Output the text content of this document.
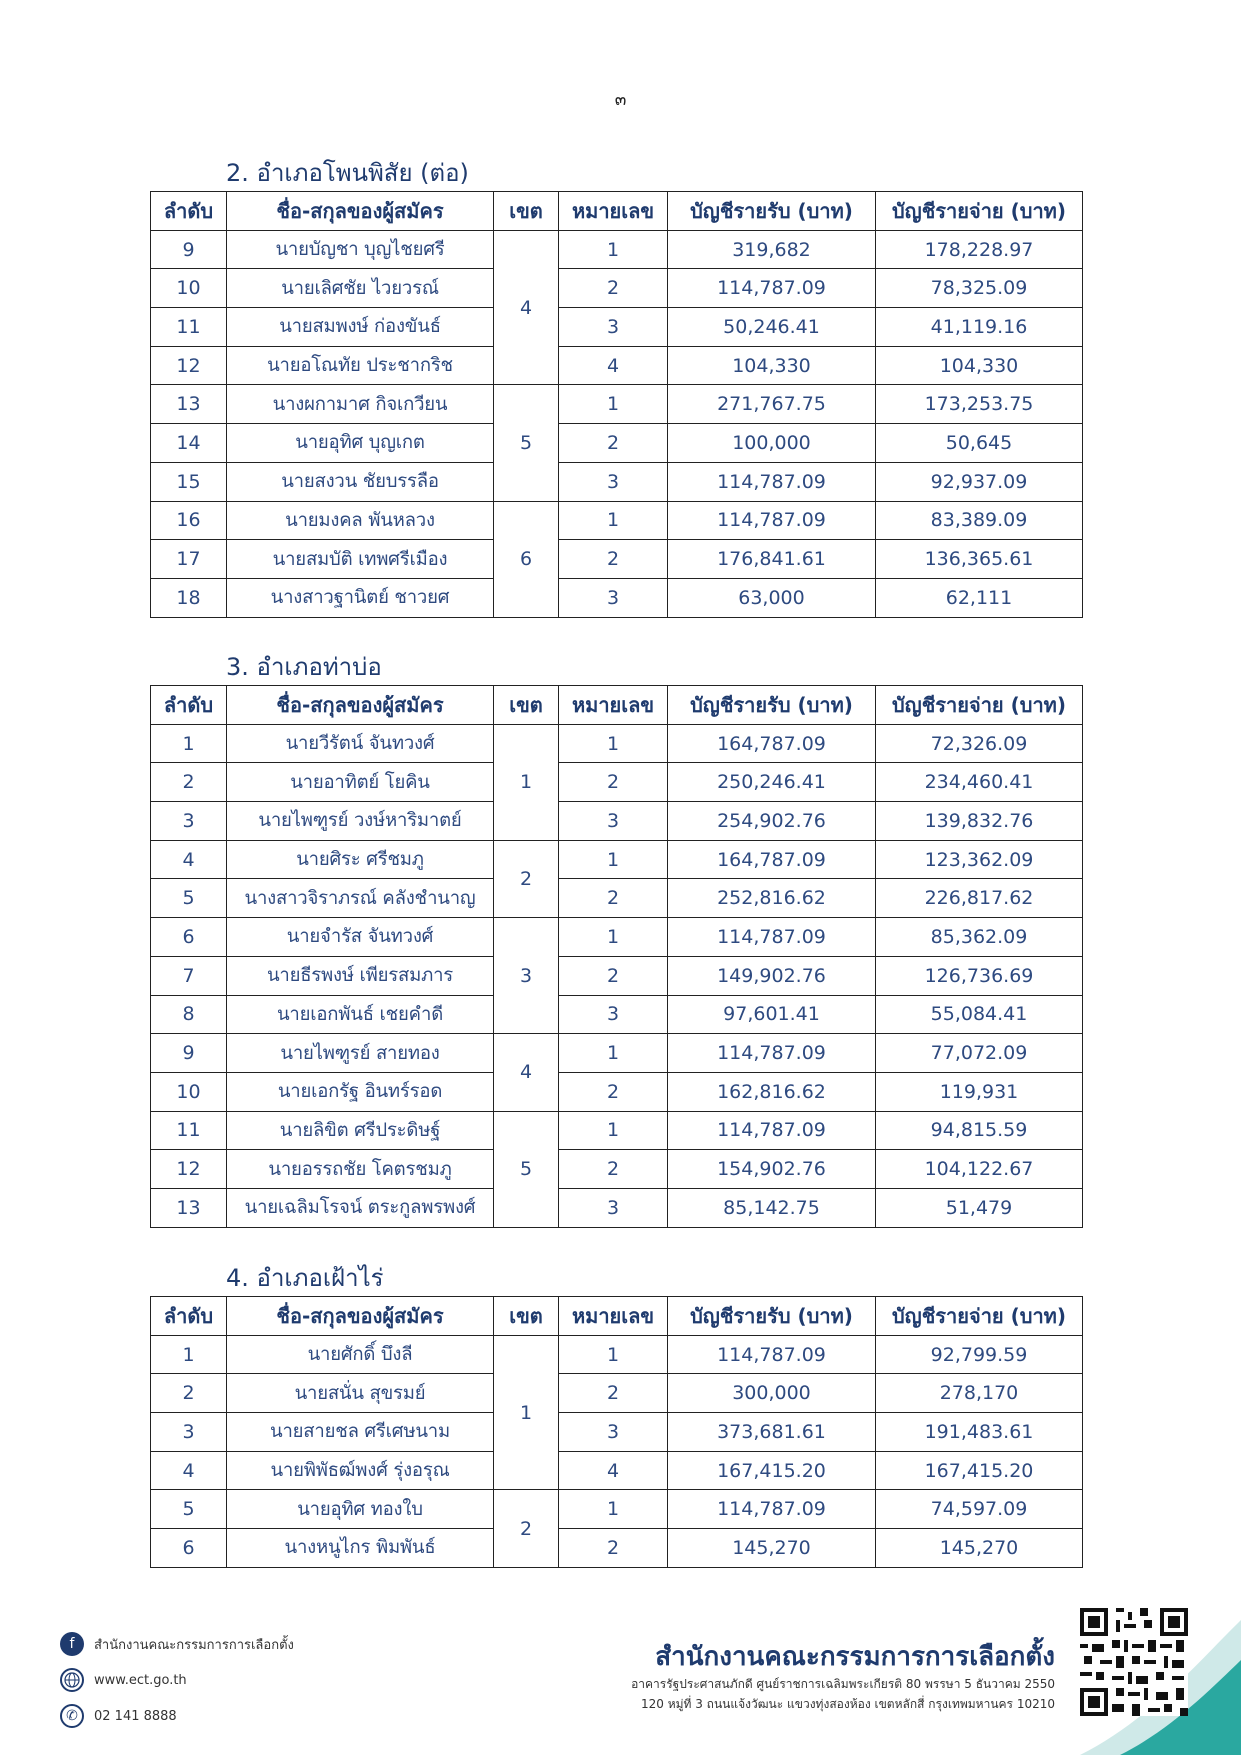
๓
2. อำเภอโพนพิสัย (ต่อ)
ลำดับ	ชื่อ-สกุลของผู้สมัคร	เขต	หมายเลข	บัญชีรายรับ (บาท)	บัญชีรายจ่าย (บาท)
9	นายบัญชา บุญไชยศรี	4	1	319,682	178,228.97
10	นายเลิศชัย ไวยวรณ์		2	114,787.09	78,325.09
11	นายสมพงษ์ ก่องขันธ์		3	50,246.41	41,119.16
12	นายอโณทัย ประชากริช		4	104,330	104,330
13	นางผกามาศ กิจเกวียน	5	1	271,767.75	173,253.75
14	นายอุทิศ บุญเกต		2	100,000	50,645
15	นายสงวน ชัยบรรลือ		3	114,787.09	92,937.09
16	นายมงคล พันหลวง	6	1	114,787.09	83,389.09
17	นายสมบัติ เทพศรีเมือง		2	176,841.61	136,365.61
18	นางสาวฐานิตย์ ชาวยศ		3	63,000	62,111
3. อำเภอท่าบ่อ
ลำดับ	ชื่อ-สกุลของผู้สมัคร	เขต	หมายเลข	บัญชีรายรับ (บาท)	บัญชีรายจ่าย (บาท)
1	นายวีรัตน์ จันทวงศ์	1	1	164,787.09	72,326.09
2	นายอาทิตย์ โยคิน		2	250,246.41	234,460.41
3	นายไพฑูรย์ วงษ์หาริมาตย์		3	254,902.76	139,832.76
4	นายศิระ ศรีชมภู	2	1	164,787.09	123,362.09
5	นางสาวจิราภรณ์ คลังชำนาญ		2	252,816.62	226,817.62
6	นายจำรัส จันทวงศ์	3	1	114,787.09	85,362.09
7	นายธีรพงษ์ เพียรสมภาร		2	149,902.76	126,736.69
8	นายเอกพันธ์ เชยคำดี		3	97,601.41	55,084.41
9	นายไพฑูรย์ สายทอง	4	1	114,787.09	77,072.09
10	นายเอกรัฐ อินทร์รอด		2	162,816.62	119,931
11	นายลิขิต ศรีประดิษฐ์	5	1	114,787.09	94,815.59
12	นายอรรถชัย โคตรชมภู		2	154,902.76	104,122.67
13	นายเฉลิมโรจน์ ตระกูลพรพงศ์		3	85,142.75	51,479
4. อำเภอเฝ้าไร่
ลำดับ	ชื่อ-สกุลของผู้สมัคร	เขต	หมายเลข	บัญชีรายรับ (บาท)	บัญชีรายจ่าย (บาท)
1	นายศักดิ์ บึงลี	1	1	114,787.09	92,799.59
2	นายสนั่น สุขรมย์		2	300,000	278,170
3	นายสายชล ศรีเศษนาม		3	373,681.61	191,483.61
4	นายพิพัธฒ์พงศ์ รุ่งอรุณ		4	167,415.20	167,415.20
5	นายอุทิศ ทองใบ	2	1	114,787.09	74,597.09
6	นางหนูไกร พิมพันธ์		2	145,270	145,270
f	สำนักงานคณะกรรมการการเลือกตั้ง
www.ect.go.th
✆	02 141 8888
สำนักงานคณะกรรมการการเลือกตั้ง
อาคารรัฐประศาสนภักดี ศูนย์ราชการเฉลิมพระเกียรติ 80 พรรษา 5 ธันวาคม 2550
120 หมู่ที่ 3 ถนนแจ้งวัฒนะ แขวงทุ่งสองห้อง เขตหลักสี่ กรุงเทพมหานคร 10210
